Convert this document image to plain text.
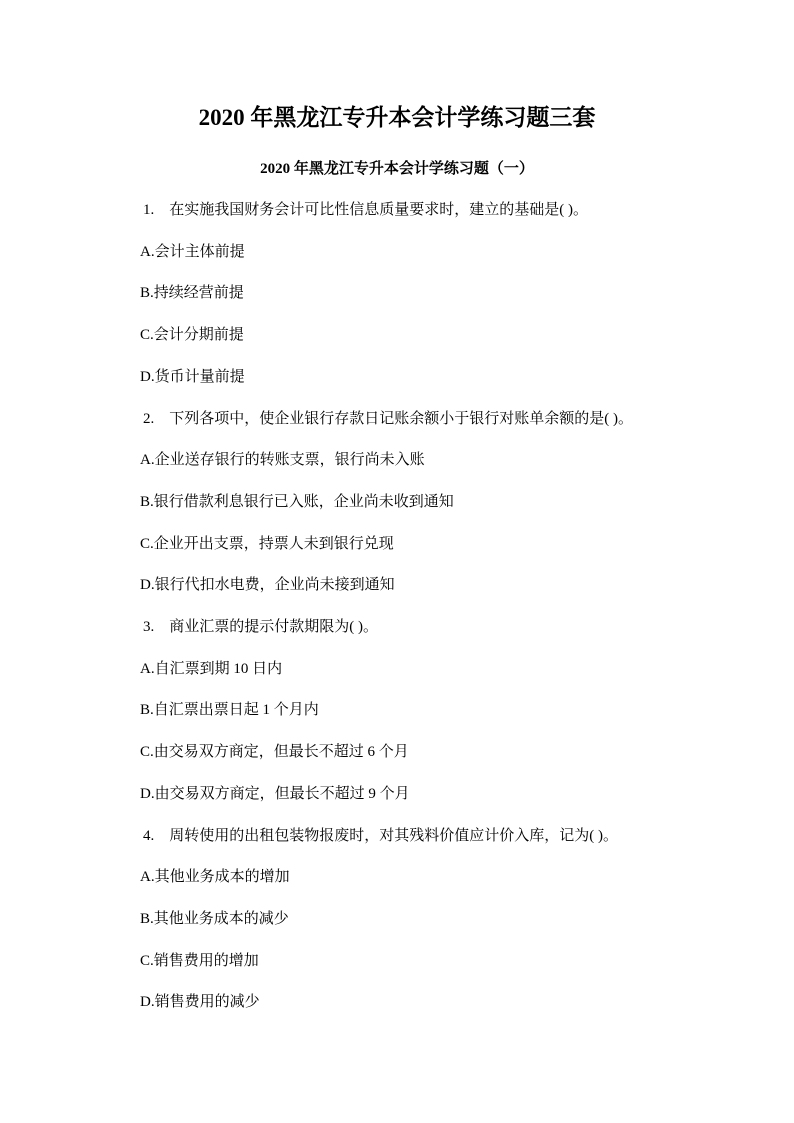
2020 年黑龙江专升本会计学练习题三套
2020 年黑龙江专升本会计学练习题（一）

1.　在实施我国财务会计可比性信息质量要求时，建立的基础是( )。

A.会计主体前提

B.持续经营前提

C.会计分期前提

D.货币计量前提

2.　下列各项中，使企业银行存款日记账余额小于银行对账单余额的是( )。

A.企业送存银行的转账支票，银行尚未入账

B.银行借款利息银行已入账，企业尚未收到通知

C.企业开出支票，持票人未到银行兑现

D.银行代扣水电费，企业尚未接到通知

3.　商业汇票的提示付款期限为( )。

A.自汇票到期 10 日内

B.自汇票出票日起 1 个月内

C.由交易双方商定，但最长不超过 6 个月

D.由交易双方商定，但最长不超过 9 个月

4.　周转使用的出租包装物报废时，对其残料价值应计价入库，记为( )。

A.其他业务成本的增加

B.其他业务成本的减少

C.销售费用的增加

D.销售费用的减少
